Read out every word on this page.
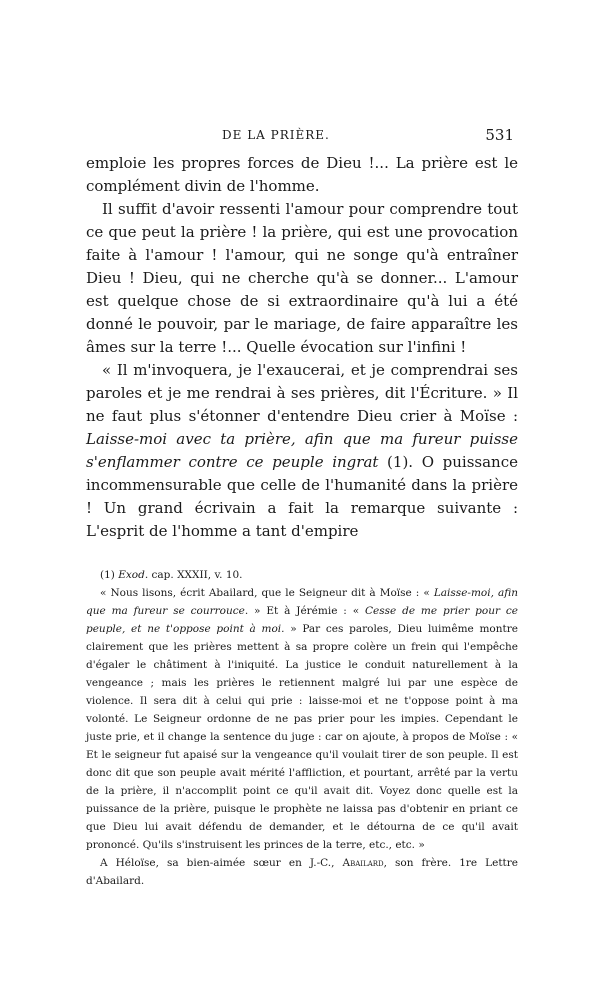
DE LA PRIÈRE.	531

emploie les propres forces de Dieu !... La prière est le complément divin de l'homme.

Il suffit d'avoir ressenti l'amour pour comprendre tout ce que peut la prière ! la prière, qui est une provocation faite à l'amour ! l'amour, qui ne songe qu'à entraîner Dieu ! Dieu, qui ne cherche qu'à se donner... L'amour est quelque chose de si extraordinaire qu'à lui a été donné le pouvoir, par le mariage, de faire apparaître les âmes sur la terre !... Quelle évocation sur l'infini !

« Il m'invoquera, je l'exaucerai, et je comprendrai ses paroles et je me rendrai à ses prières, dit l'Écriture. » Il ne faut plus s'étonner d'entendre Dieu crier à Moïse : Laisse-moi avec ta prière, afin que ma fureur puisse s'enflammer contre ce peuple ingrat (1). O puissance incommensurable que celle de l'humanité dans la prière ! Un grand écrivain a fait la remarque suivante : L'esprit de l'homme a tant d'empire

(1) Exod. cap. XXXII, v. 10.

« Nous lisons, écrit Abailard, que le Seigneur dit à Moïse : « Laisse-moi, afin que ma fureur se courrouce. » Et à Jérémie : « Cesse de me prier pour ce peuple, et ne t'oppose point à moi. » Par ces paroles, Dieu luimême montre clairement que les prières mettent à sa propre colère un frein qui l'empêche d'égaler le châtiment à l'iniquité. La justice le conduit naturellement à la vengeance ; mais les prières le retiennent malgré lui par une espèce de violence. Il sera dit à celui qui prie : laisse-moi et ne t'oppose point à ma volonté. Le Seigneur ordonne de ne pas prier pour les impies. Cependant le juste prie, et il change la sentence du juge : car on ajoute, à propos de Moïse : « Et le seigneur fut apaisé sur la vengeance qu'il voulait tirer de son peuple. Il est donc dit que son peuple avait mérité l'affliction, et pourtant, arrêté par la vertu de la prière, il n'accomplit point ce qu'il avait dit. Voyez donc quelle est la puissance de la prière, puisque le prophète ne laissa pas d'obtenir en priant ce que Dieu lui avait défendu de demander, et le détourna de ce qu'il avait prononcé. Qu'ils s'instruisent les princes de la terre, etc., etc. »

A Héloïse, sa bien-aimée sœur en J.-C., Abailard, son frère. 1re Lettre d'Abailard.
